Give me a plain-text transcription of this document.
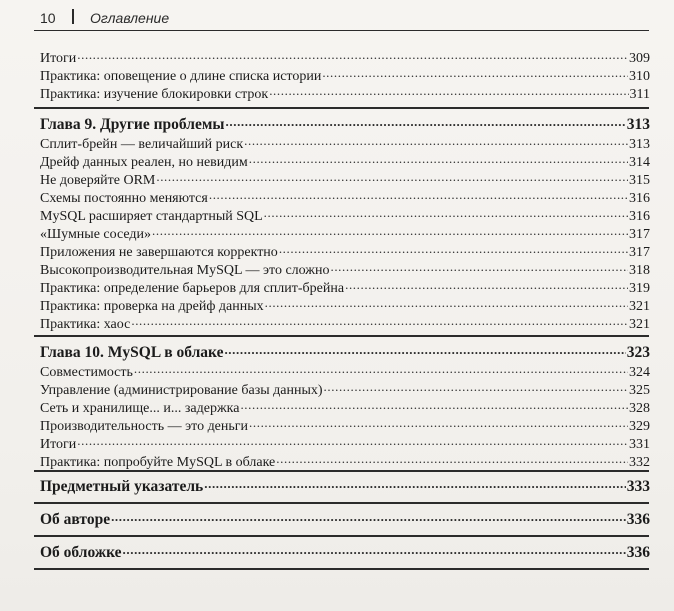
10 Оглавление
Итоги .....	309
Практика: оповещение о длине списка истории .....	310
Практика: изучение блокировки строк .....	311
Глава 9. Другие проблемы .....	313
Сплит-брейн — величайший риск .....	313
Дрейф данных реален, но невидим .....	314
Не доверяйте ORM .....	315
Схемы постоянно меняются .....	316
MySQL расширяет стандартный SQL .....	316
«Шумные соседи» .....	317
Приложения не завершаются корректно .....	317
Высокопроизводительная MySQL — это сложно .....	318
Практика: определение барьеров для сплит-брейна .....	319
Практика: проверка на дрейф данных .....	321
Практика: хаос .....	321
Глава 10. MySQL в облаке .....	323
Совместимость .....	324
Управление (администрирование базы данных) .....	325
Сеть и хранилище... и... задержка .....	328
Производительность — это деньги .....	329
Итоги .....	331
Практика: попробуйте MySQL в облаке .....	332
Предметный указатель .....	333
Об авторе .....	336
Об обложке .....	336
